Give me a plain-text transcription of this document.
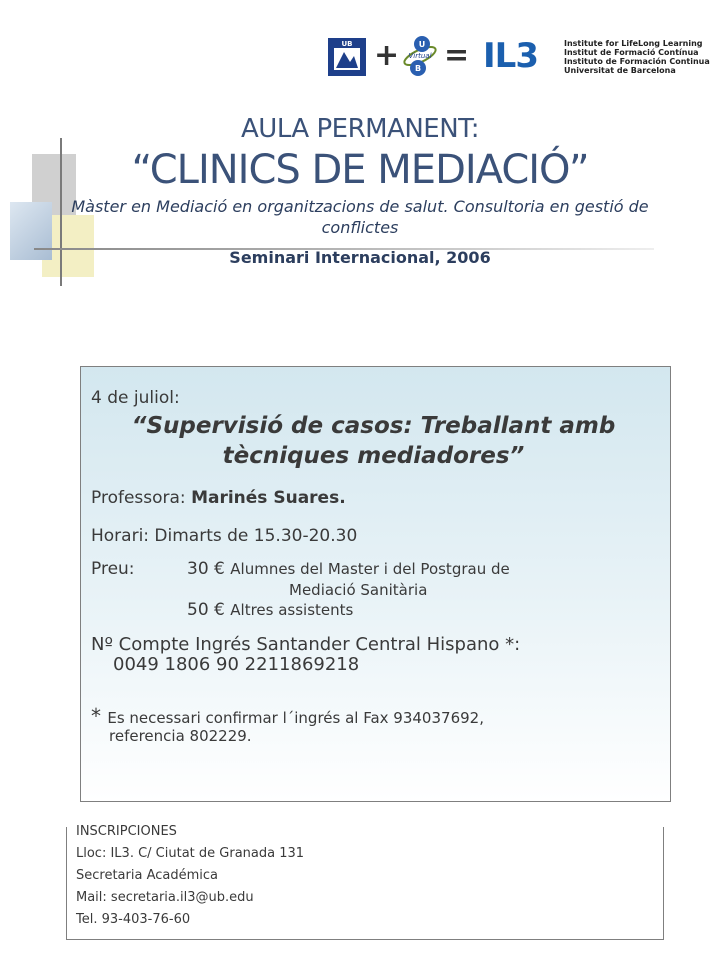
UB + U
Virtual
B = IL3	Institute for LifeLong Learning
Institut de Formació Contínua
Instituto de Formación Continua
Universitat de Barcelona
AULA PERMANENT:
“CLINICS DE MEDIACIÓ”
Màster en Mediació en organitzacions de salut. Consultoria en gestió de conflictes
Seminari Internacional, 2006
4 de juliol:
“Supervisió de casos: Treballant amb tècniques mediadores”
Professora: Marinés Suares.
Horari: Dimarts de 15.30-20.30
Preu:	30 € Alumnes del Master i del Postgrau de
Mediació Sanitària
50 € Altres assistents
Nº Compte Ingrés Santander Central Hispano *:
0049 1806 90 2211869218
* Es necessari confirmar l´ingrés al Fax 934037692,
referencia 802229.
INSCRIPCIONES
Lloc: IL3. C/ Ciutat de Granada 131
Secretaria Académica
Mail: secretaria.il3@ub.edu
Tel. 93-403-76-60
